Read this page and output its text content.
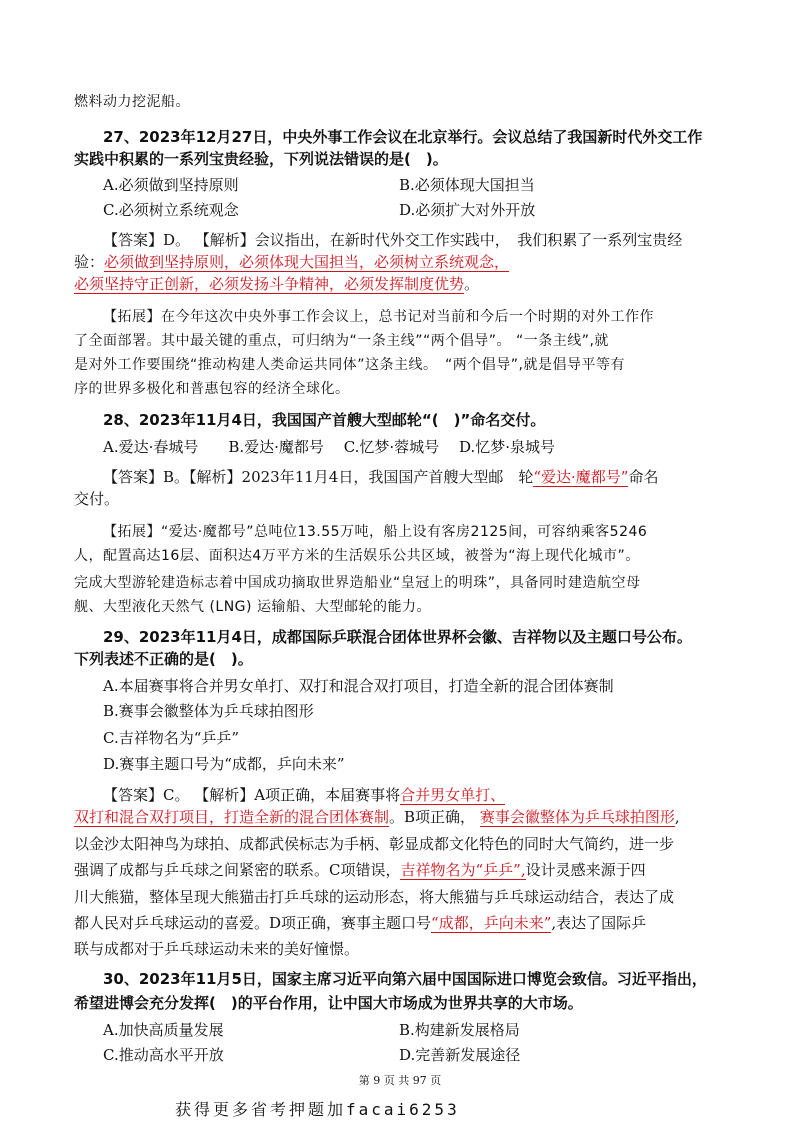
燃料动力挖泥船。
27、2023年12月27日，中央外事工作会议在北京举行。会议总结了我国新时代外交工作
实践中积累的一系列宝贵经验，下列说法错误的是(　)。
A.必须做到坚持原则	B.必须体现大国担当
C.必须树立系统观念	D.必须扩大对外开放
【答案】D。 【解析】会议指出，在新时代外交工作实践中，　我们积累了一系列宝贵经
验：必须做到坚持原则，必须体现大国担当，必须树立系统观念，
必须坚持守正创新，必须发扬斗争精神，必须发挥制度优势。
【拓展】在今年这次中央外事工作会议上，总书记对当前和今后一个时期的对外工作作
了全面部署。其中最关键的重点，可归纳为“一条主线”“两个倡导”。 “一条主线”,就
是对外工作要围绕“推动构建人类命运共同体”这条主线。　“两个倡导”,就是倡导平等有
序的世界多极化和普惠包容的经济全球化。
28、2023年11月4日，我国国产首艘大型邮轮“(　)”命名交付。
A.爱达·春城号　　B.爱达·魔都号　 C.忆梦·蓉城号　 D.忆梦·泉城号
【答案】B。【解析】2023年11月4日，我国国产首艘大型邮　轮“爱达·魔都号”命名
交付。
【拓展】“爱达·魔都号”总吨位13.55万吨，船上设有客房2125间，可容纳乘客5246
人，配置高达16层、面积达4万平方米的生活娱乐公共区域，被誉为“海上现代化城市”。
完成大型游轮建造标志着中国成功摘取世界造船业“皇冠上的明珠”，具备同时建造航空母
舰、大型液化天然气 (LNG) 运输船、大型邮轮的能力。
29、2023年11月4日，成都国际乒联混合团体世界杯会徽、吉祥物以及主题口号公布。
下列表述不正确的是(　)。
A.本届赛事将合并男女单打、双打和混合双打项目，打造全新的混合团体赛制
B.赛事会徽整体为乒乓球拍图形
C.吉祥物名为“乒乒”
D.赛事主题口号为“成都，乒向未来”
【答案】C。 【解析】A项正确，本届赛事将合并男女单打、
双打和混合双打项目，打造全新的混合团体赛制。B项正确， 赛事会徽整体为乒乓球拍图形,
以金沙太阳神鸟为球拍、成都武侯标志为手柄、彰显成都文化特色的同时大气简约，进一步
强调了成都与乒乓球之间紧密的联系。C项错误，吉祥物名为“乒乒”,设计灵感来源于四
川大熊猫，整体呈现大熊猫击打乒乓球的运动形态，将大熊猫与乒乓球运动结合，表达了成
都人民对乒乓球运动的喜爱。D项正确，赛事主题口号“成都，乒向未来”,表达了国际乒
联与成都对于乒乓球运动未来的美好憧憬。
30、2023年11月5日，国家主席习近平向第六届中国国际进口博览会致信。习近平指出，
希望进博会充分发挥(　)的平台作用，让中国大市场成为世界共享的大市场。
A.加快高质量发展	B.构建新发展格局
C.推动高水平开放	D.完善新发展途径
第 9 页 共 97 页
获得更多省考押题加facai6253
